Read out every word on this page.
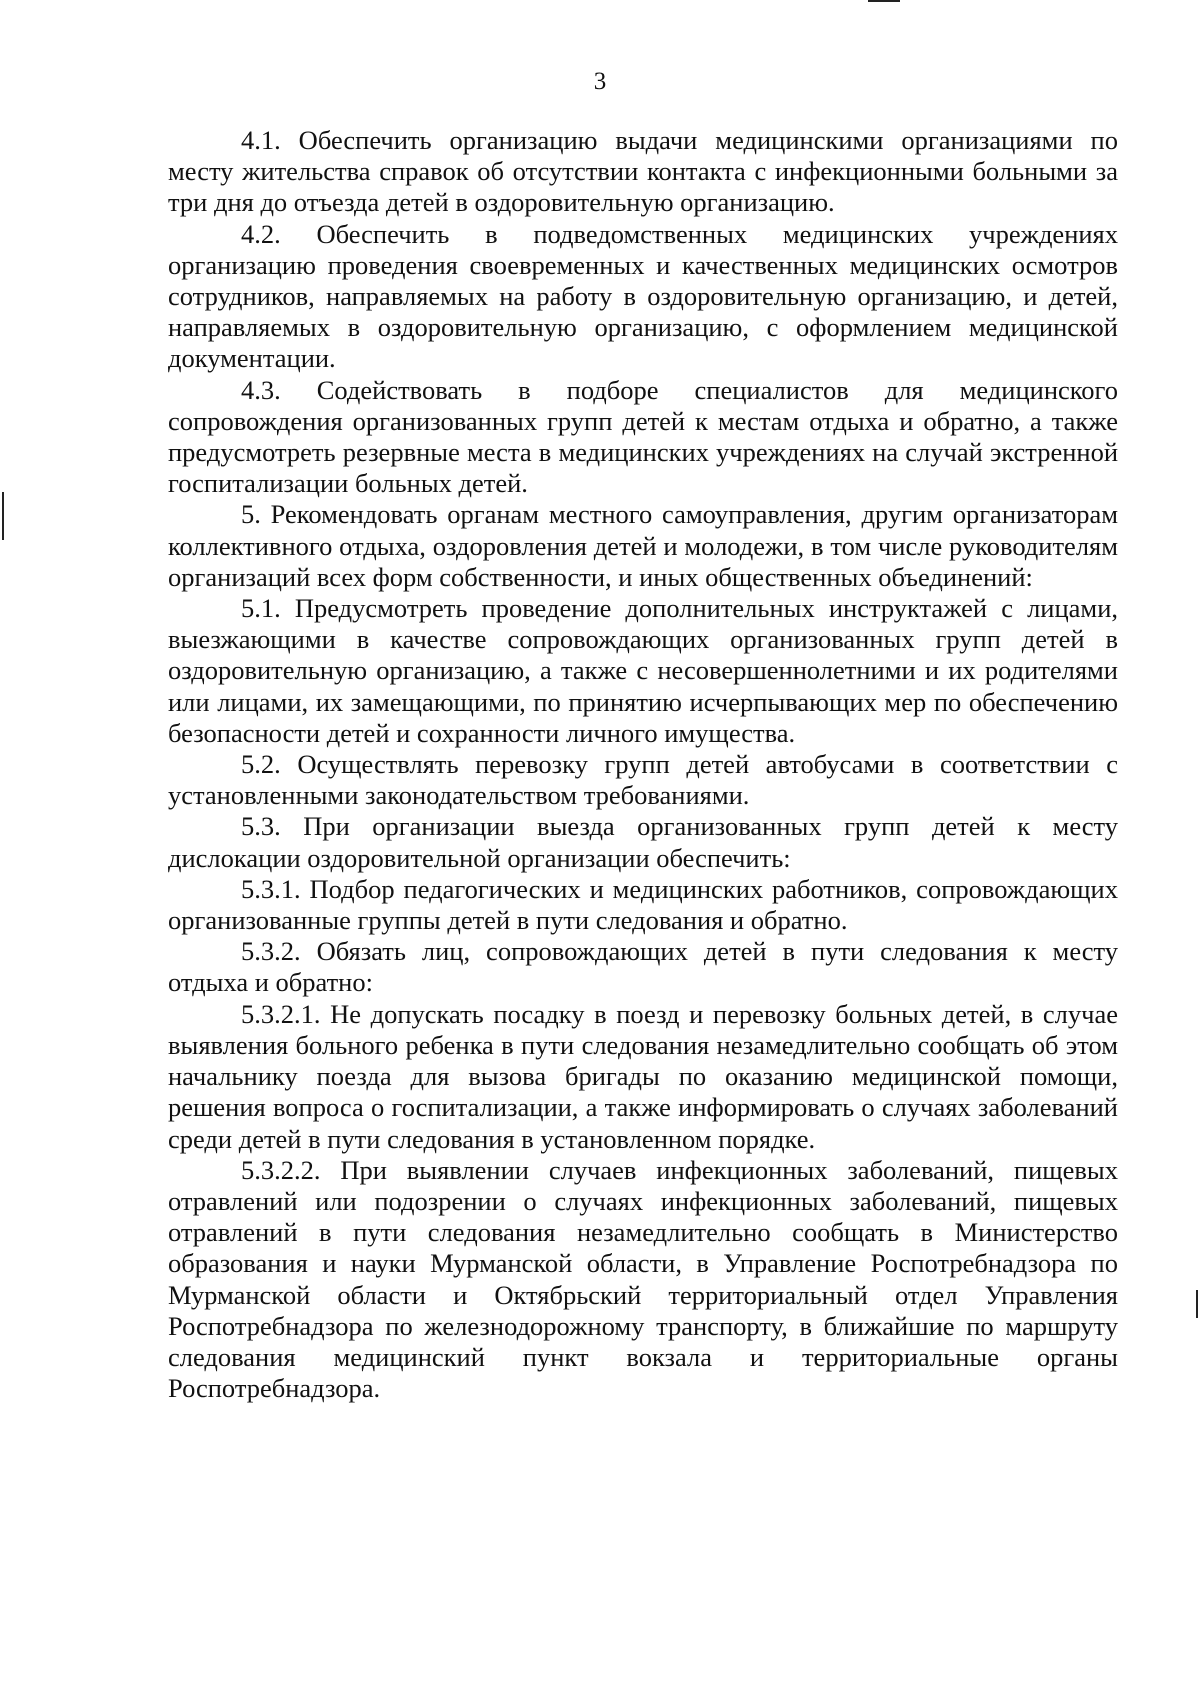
3

4.1. Обеспечить организацию выдачи медицинскими организациями по месту жительства справок об отсутствии контакта с инфекционными больными за три дня до отъезда детей в оздоровительную организацию.

4.2. Обеспечить в подведомственных медицинских учреждениях организацию проведения своевременных и качественных медицинских осмотров сотрудников, направляемых на работу в оздоровительную организацию, и детей, направляемых в оздоровительную организацию, с оформлением медицинской документации.

4.3. Содействовать в подборе специалистов для медицинского сопровождения организованных групп детей к местам отдыха и обратно, а также предусмотреть резервные места в медицинских учреждениях на случай экстренной госпитализации больных детей.

5. Рекомендовать органам местного самоуправления, другим организаторам коллективного отдыха, оздоровления детей и молодежи, в том числе руководителям организаций всех форм собственности, и иных общественных объединений:

5.1. Предусмотреть проведение дополнительных инструктажей с лицами, выезжающими в качестве сопровождающих организованных групп детей в оздоровительную организацию, а также с несовершеннолетними и их родителями или лицами, их замещающими, по принятию исчерпывающих мер по обеспечению безопасности детей и сохранности личного имущества.

5.2. Осуществлять перевозку групп детей автобусами в соответствии с установленными законодательством требованиями.

5.3. При организации выезда организованных групп детей к месту дислокации оздоровительной организации обеспечить:

5.3.1. Подбор педагогических и медицинских работников, сопровождающих организованные группы детей в пути следования и обратно.

5.3.2. Обязать лиц, сопровождающих детей в пути следования к месту отдыха и обратно:

5.3.2.1. Не допускать посадку в поезд и перевозку больных детей, в случае выявления больного ребенка в пути следования незамедлительно сообщать об этом начальнику поезда для вызова бригады по оказанию медицинской помощи, решения вопроса о госпитализации, а также информировать о случаях заболеваний среди детей в пути следования в установленном порядке.

5.3.2.2. При выявлении случаев инфекционных заболеваний, пищевых отравлений или подозрении о случаях инфекционных заболеваний, пищевых отравлений в пути следования незамедлительно сообщать в Министерство образования и науки Мурманской области, в Управление Роспотребнадзора по Мурманской области и Октябрьский территориальный отдел Управления Роспотребнадзора по железнодорожному транспорту, в ближайшие по маршруту следования медицинский пункт вокзала и территориальные органы Роспотребнадзора.
